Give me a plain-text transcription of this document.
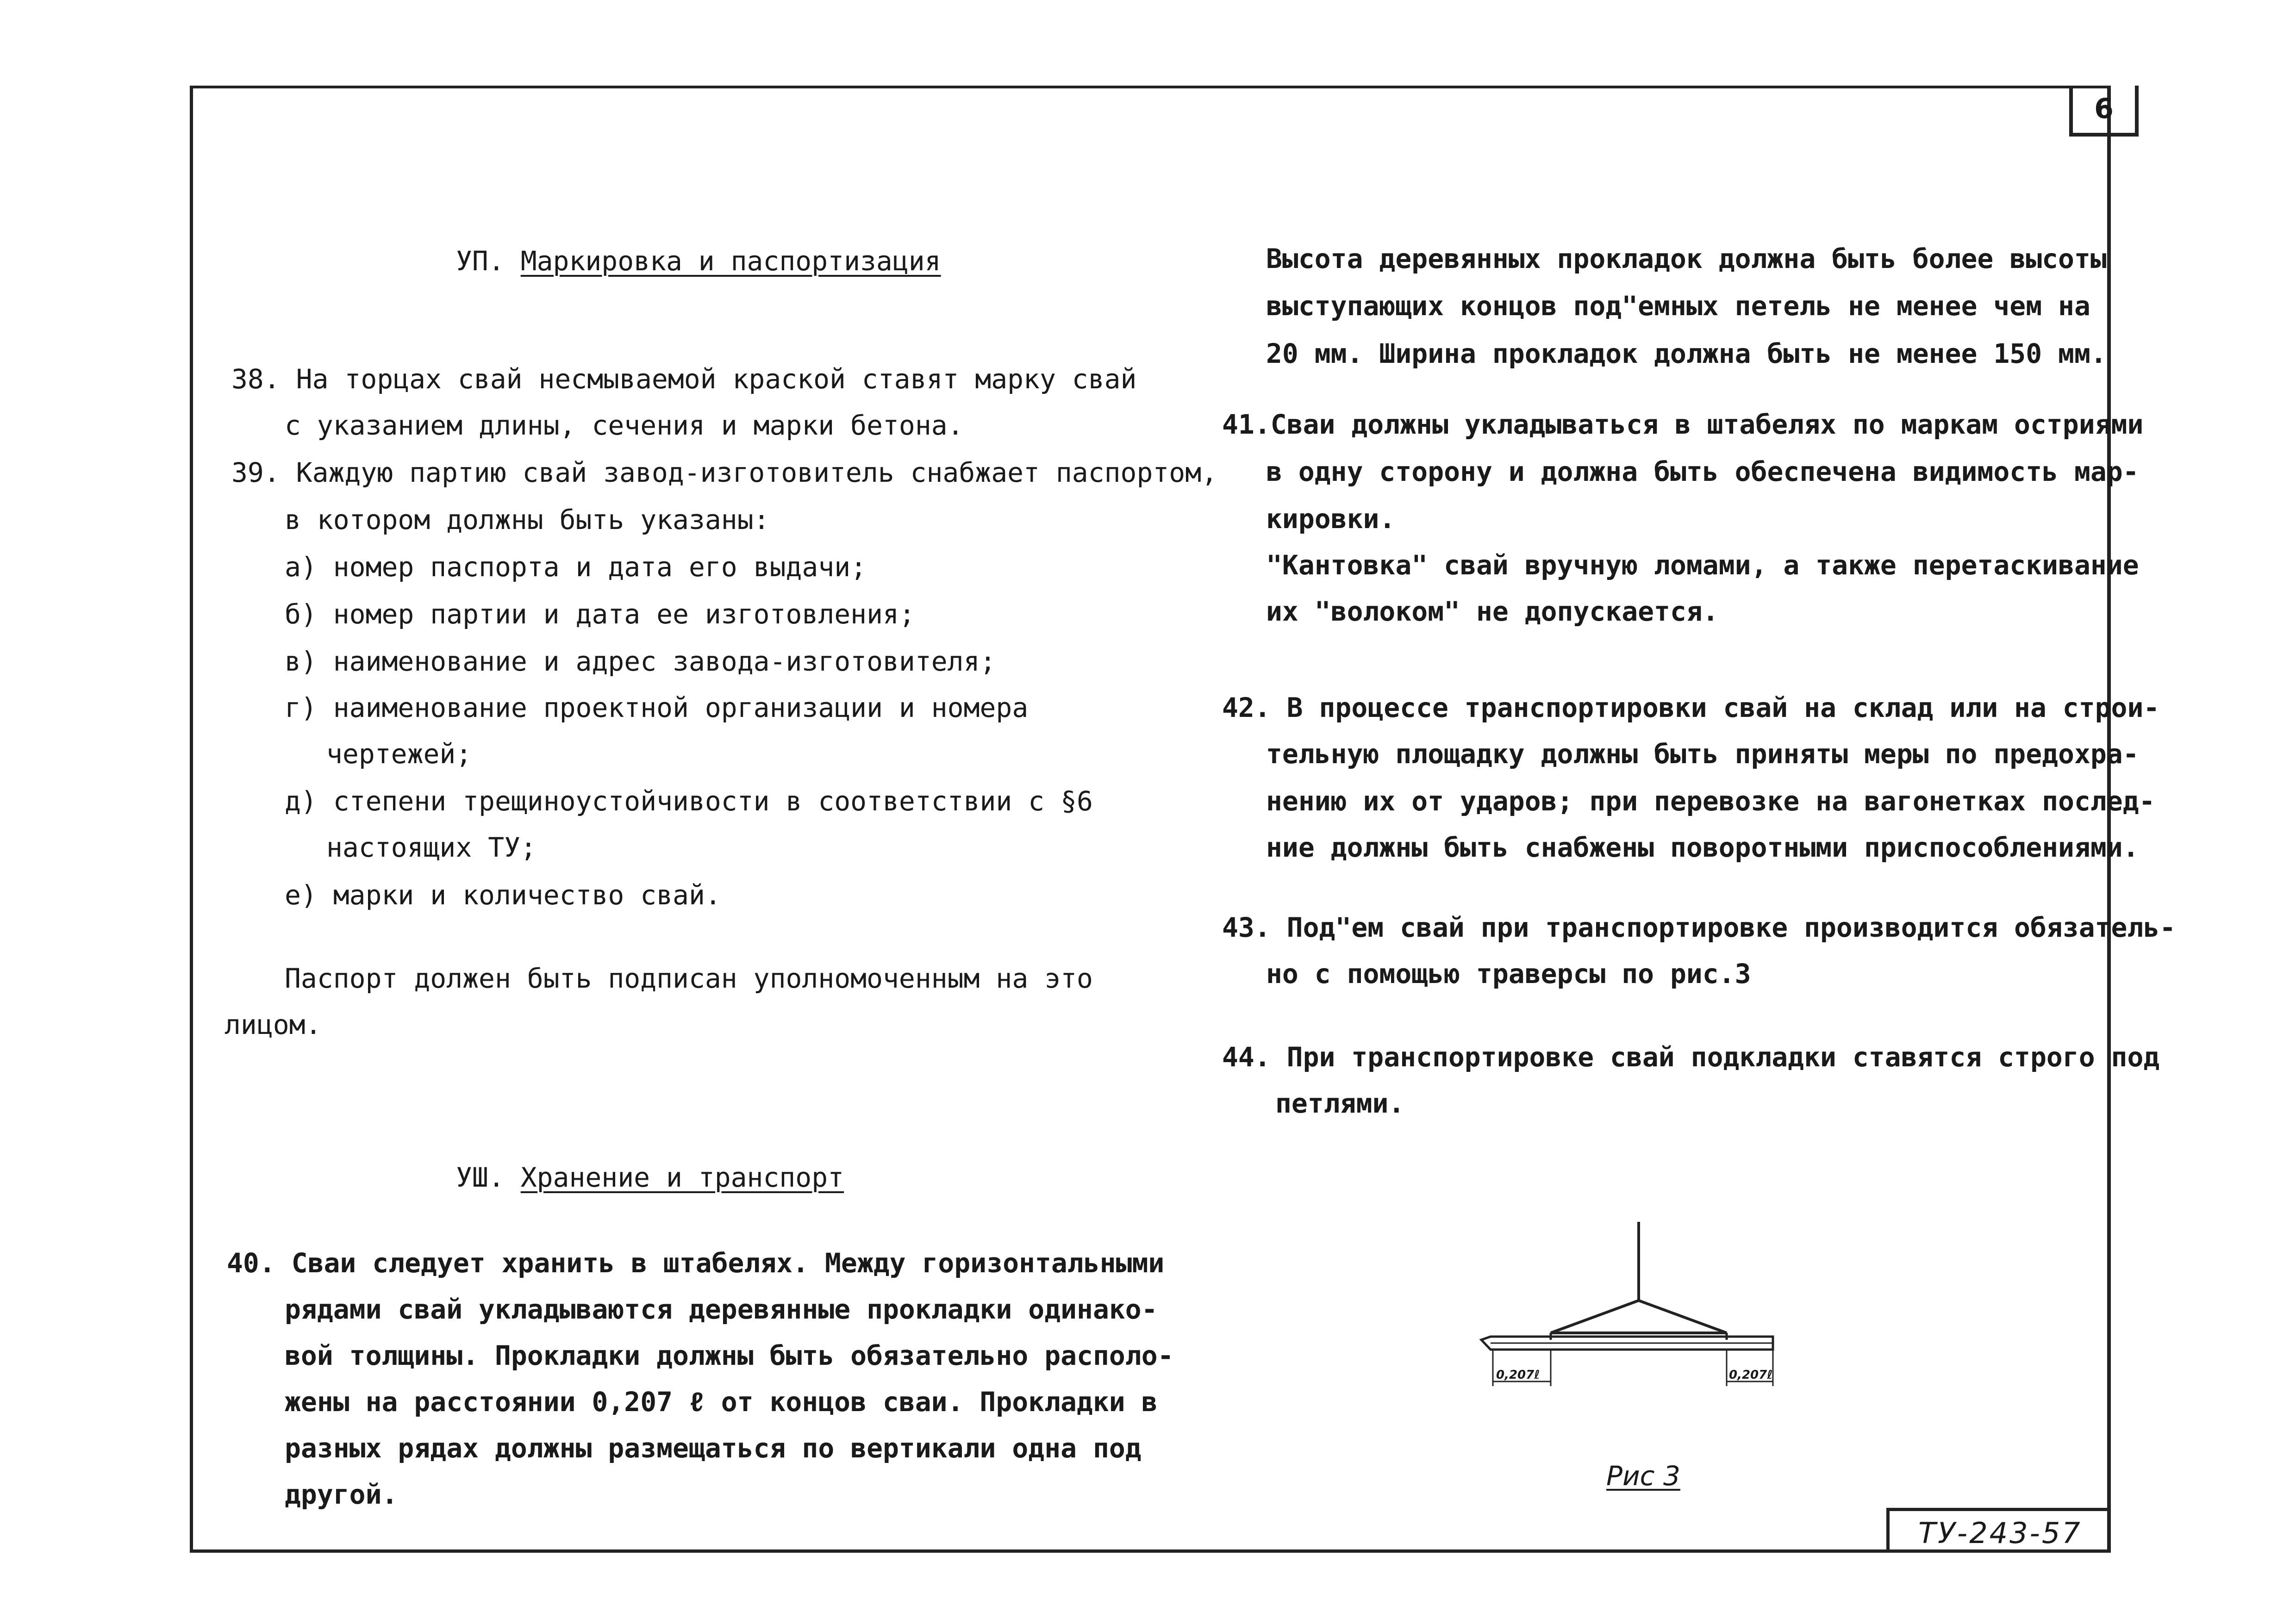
6
ТУ-243-57
УП. Маркировка и паспортизация
38. На торцах свай несмываемой краской ставят марку свай
с указанием длины, сечения и марки бетона.
39. Каждую партию свай завод-изготовитель снабжает паспортом,
в котором должны быть указаны:
а) номер паспорта и дата его выдачи;
б) номер партии и дата ее изготовления;
в) наименование и адрес завода-изготовителя;
г) наименование проектной организации и номера
чертежей;
д) степени трещиноустойчивости в соответствии с §6
настоящих ТУ;
е) марки и количество свай.
Паспорт должен быть подписан уполномоченным на это
лицом.
УШ. Хранение и транспорт
40. Сваи следует хранить в штабелях. Между горизонтальными
рядами свай укладываются деревянные прокладки одинако-
вой толщины. Прокладки должны быть обязательно располо-
жены на расстоянии 0,207 ℓ от концов сваи. Прокладки в
разных рядах должны размещаться по вертикали одна под
другой.
Высота деревянных прокладок должна быть более высоты
выступающих концов под"емных петель не менее чем на
20 мм. Ширина прокладок должна быть не менее 150 мм.
41.Сваи должны укладываться в штабелях по маркам остриями
в одну сторону и должна быть обеспечена видимость мар-
кировки.
"Кантовка" свай вручную ломами, а также перетаскивание
их "волоком" не допускается.
42. В процессе транспортировки свай на склад или на строи-
тельную площадку должны быть приняты меры по предохра-
нению их от ударов; при перевозке на вагонетках послед-
ние должны быть снабжены поворотными приспособлениями.
43. Под"ем свай при транспортировке производится обязатель-
но с помощью траверсы по рис.3
44. При транспортировке свай подкладки ставятся строго под
петлями.
0,207ℓ	0,207ℓ
Рис 3
